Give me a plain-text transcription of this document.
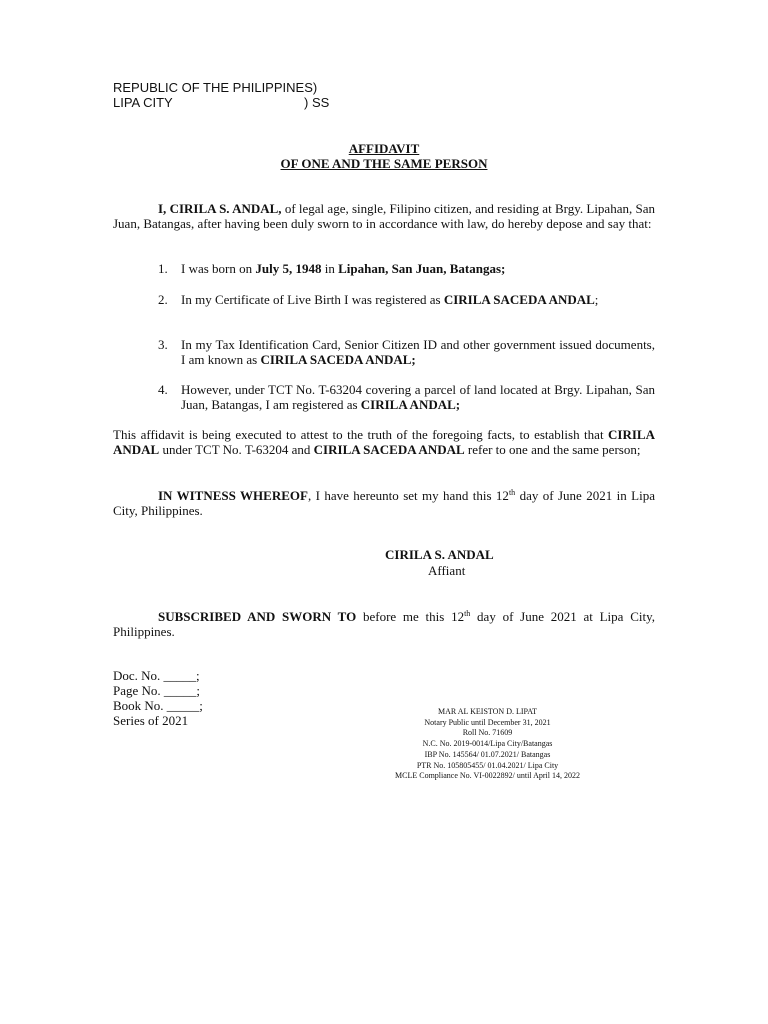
REPUBLIC OF THE PHILIPPINES)
LIPA CITY	) SS
AFFIDAVIT
OF ONE AND THE SAME PERSON
I, CIRILA S. ANDAL, of legal age, single, Filipino citizen, and residing at Brgy. Lipahan, San Juan, Batangas, after having been duly sworn to in accordance with law, do hereby depose and say that:
1. I was born on July 5, 1948 in Lipahan, San Juan, Batangas;
2. In my Certificate of Live Birth I was registered as CIRILA SACEDA ANDAL;
3. In my Tax Identification Card, Senior Citizen ID and other government issued documents, I am known as CIRILA SACEDA ANDAL;
4. However, under TCT No. T-63204 covering a parcel of land located at Brgy. Lipahan, San Juan, Batangas, I am registered as CIRILA ANDAL;
This affidavit is being executed to attest to the truth of the foregoing facts, to establish that CIRILA ANDAL under TCT No. T-63204 and CIRILA SACEDA ANDAL refer to one and the same person;
IN WITNESS WHEREOF, I have hereunto set my hand this 12th day of June 2021 in Lipa City, Philippines.
CIRILA S. ANDAL
Affiant
SUBSCRIBED AND SWORN TO before me this 12th day of June 2021 at Lipa City, Philippines.
Doc. No. _____;
Page No. _____;
Book No. _____;
Series of 2021
MAR AL KEISTON D. LIPAT
Notary Public until December 31, 2021
Roll No. 71609
N.C. No. 2019-0014/Lipa City/Batangas
IBP No. 145564/ 01.07.2021/ Batangas
PTR No. 105805455/ 01.04.2021/ Lipa City
MCLE Compliance No. VI-0022892/ until April 14, 2022
